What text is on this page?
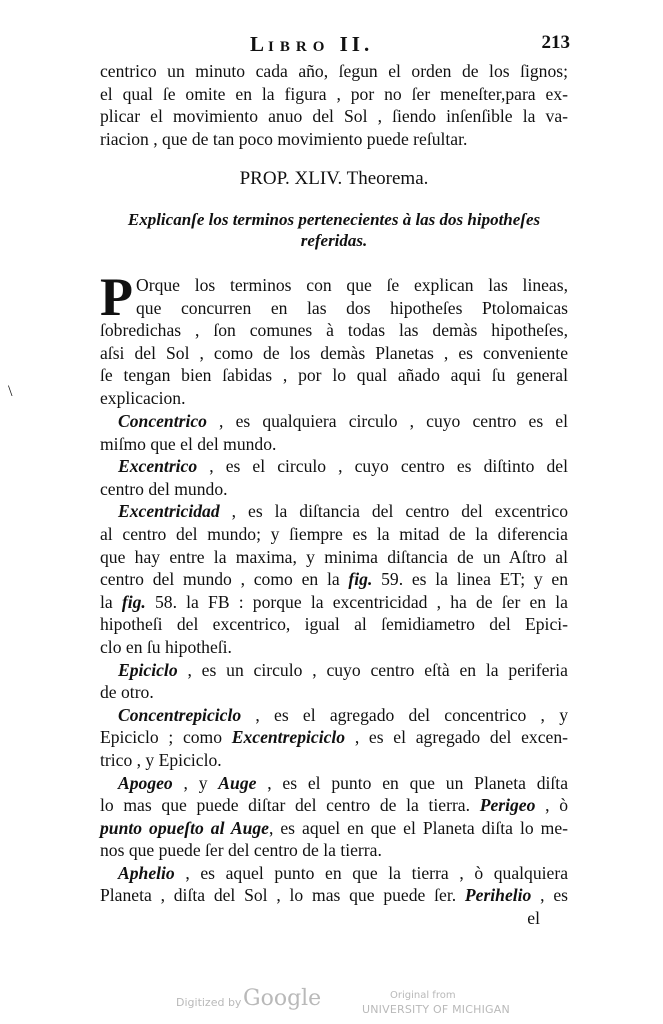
LIBRO II.	213
centrico un minuto cada año, ſegun el orden de los ſignos;
el qual ſe omite en la figura , por no ſer meneſter,para ex-
plicar el movimiento anuo del Sol , ſiendo inſenſible la va-
riacion , que de tan poco movimiento puede reſultar.
PROP. XLIV. Theorema.
Explicanſe los terminos pertenecientes à las dos hipotheſes
referidas.
P
\
Orque los terminos con que ſe explican las lineas,
que concurren en las dos hipotheſes Ptolomaicas
ſobredichas , ſon comunes à todas las demàs hipotheſes,
aſsi del Sol , como de los demàs Planetas , es conveniente
ſe tengan bien ſabidas , por lo qual añado aqui ſu general
explicacion.
Concentrico , es qualquiera circulo , cuyo centro es el
miſmo que el del mundo.
Excentrico , es el circulo , cuyo centro es diſtinto del
centro del mundo.
Excentricidad , es la diſtancia del centro del excentrico
al centro del mundo; y ſiempre es la mitad de la diferencia
que hay entre la maxima, y minima diſtancia de un Aſtro al
centro del mundo , como en la fig. 59. es la linea ET; y en
la fig. 58. la FB : porque la excentricidad , ha de ſer en la
hipotheſi del excentrico, igual al ſemidiametro del Epici-
clo en ſu hipotheſi.
Epiciclo , es un circulo , cuyo centro eſtà en la periferia
de otro.
Concentrepiciclo , es el agregado del concentrico , y
Epiciclo ; como Excentrepiciclo , es el agregado del excen-
trico , y Epiciclo.
Apogeo , y Auge , es el punto en que un Planeta diſta
lo mas que puede diſtar del centro de la tierra. Perigeo , ò
punto opueſto al Auge, es aquel en que el Planeta diſta lo me-
nos que puede ſer del centro de la tierra.
Aphelio , es aquel punto en que la tierra , ò qualquiera
Planeta , diſta del Sol , lo mas que puede ſer. Perihelio , es
el
Digitized by Google	Original from
UNIVERSITY OF MICHIGAN
